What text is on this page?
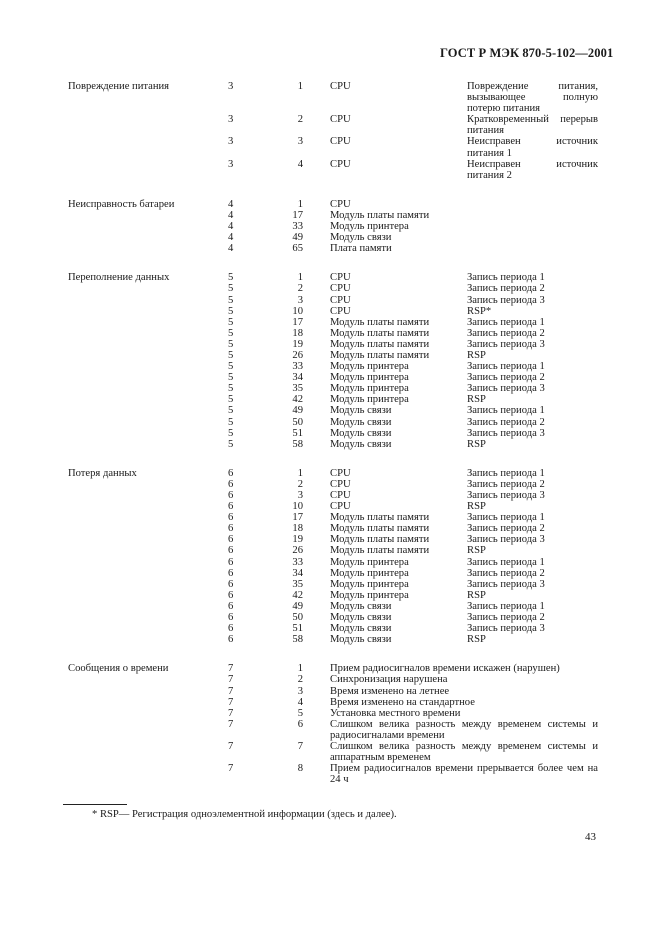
ГОСТ Р МЭК 870-5-102—2001
Повреждение питания	3	1	CPU	Повреждение питания, вызывающее полную потерю питания
3	2	CPU	Кратковременный перерыв питания
3	3	CPU	Неисправен источник питания 1
3	4	CPU	Неисправен источник питания 2
Неисправность батареи	4	1	CPU
4	17	Модуль платы памяти
4	33	Модуль принтера
4	49	Модуль связи
4	65	Плата памяти
Переполнение данных	5	1	CPU	Запись периода 1
5	2	CPU	Запись периода 2
5	3	CPU	Запись периода 3
5	10	CPU	RSP*
5	17	Модуль платы памяти	Запись периода 1
5	18	Модуль платы памяти	Запись периода 2
5	19	Модуль платы памяти	Запись периода 3
5	26	Модуль платы памяти	RSP
5	33	Модуль принтера	Запись периода 1
5	34	Модуль принтера	Запись периода 2
5	35	Модуль принтера	Запись периода 3
5	42	Модуль принтера	RSP
5	49	Модуль связи	Запись периода 1
5	50	Модуль связи	Запись периода 2
5	51	Модуль связи	Запись периода 3
5	58	Модуль связи	RSP
Потеря данных	6	1	CPU	Запись периода 1
6	2	CPU	Запись периода 2
6	3	CPU	Запись периода 3
6	10	CPU	RSP
6	17	Модуль платы памяти	Запись периода 1
6	18	Модуль платы памяти	Запись периода 2
6	19	Модуль платы памяти	Запись периода 3
6	26	Модуль платы памяти	RSP
6	33	Модуль принтера	Запись периода 1
6	34	Модуль принтера	Запись периода 2
6	35	Модуль принтера	Запись периода 3
6	42	Модуль принтера	RSP
6	49	Модуль связи	Запись периода 1
6	50	Модуль связи	Запись периода 2
6	51	Модуль связи	Запись периода 3
6	58	Модуль связи	RSP
Сообщения о времени	7	1	Прием радиосигналов времени искажен (нарушен)
7	2	Синхронизация нарушена
7	3	Время изменено на летнее
7	4	Время изменено на стандартное
7	5	Установка местного времени
7	6	Слишком велика разность между временем системы и радиосигналами времени
7	7	Слишком велика разность между временем системы и аппаратным временем
7	8	Прием радиосигналов времени прерывается более чем на 24 ч
* RSP— Регистрация одноэлементной информации (здесь и далее).
43
